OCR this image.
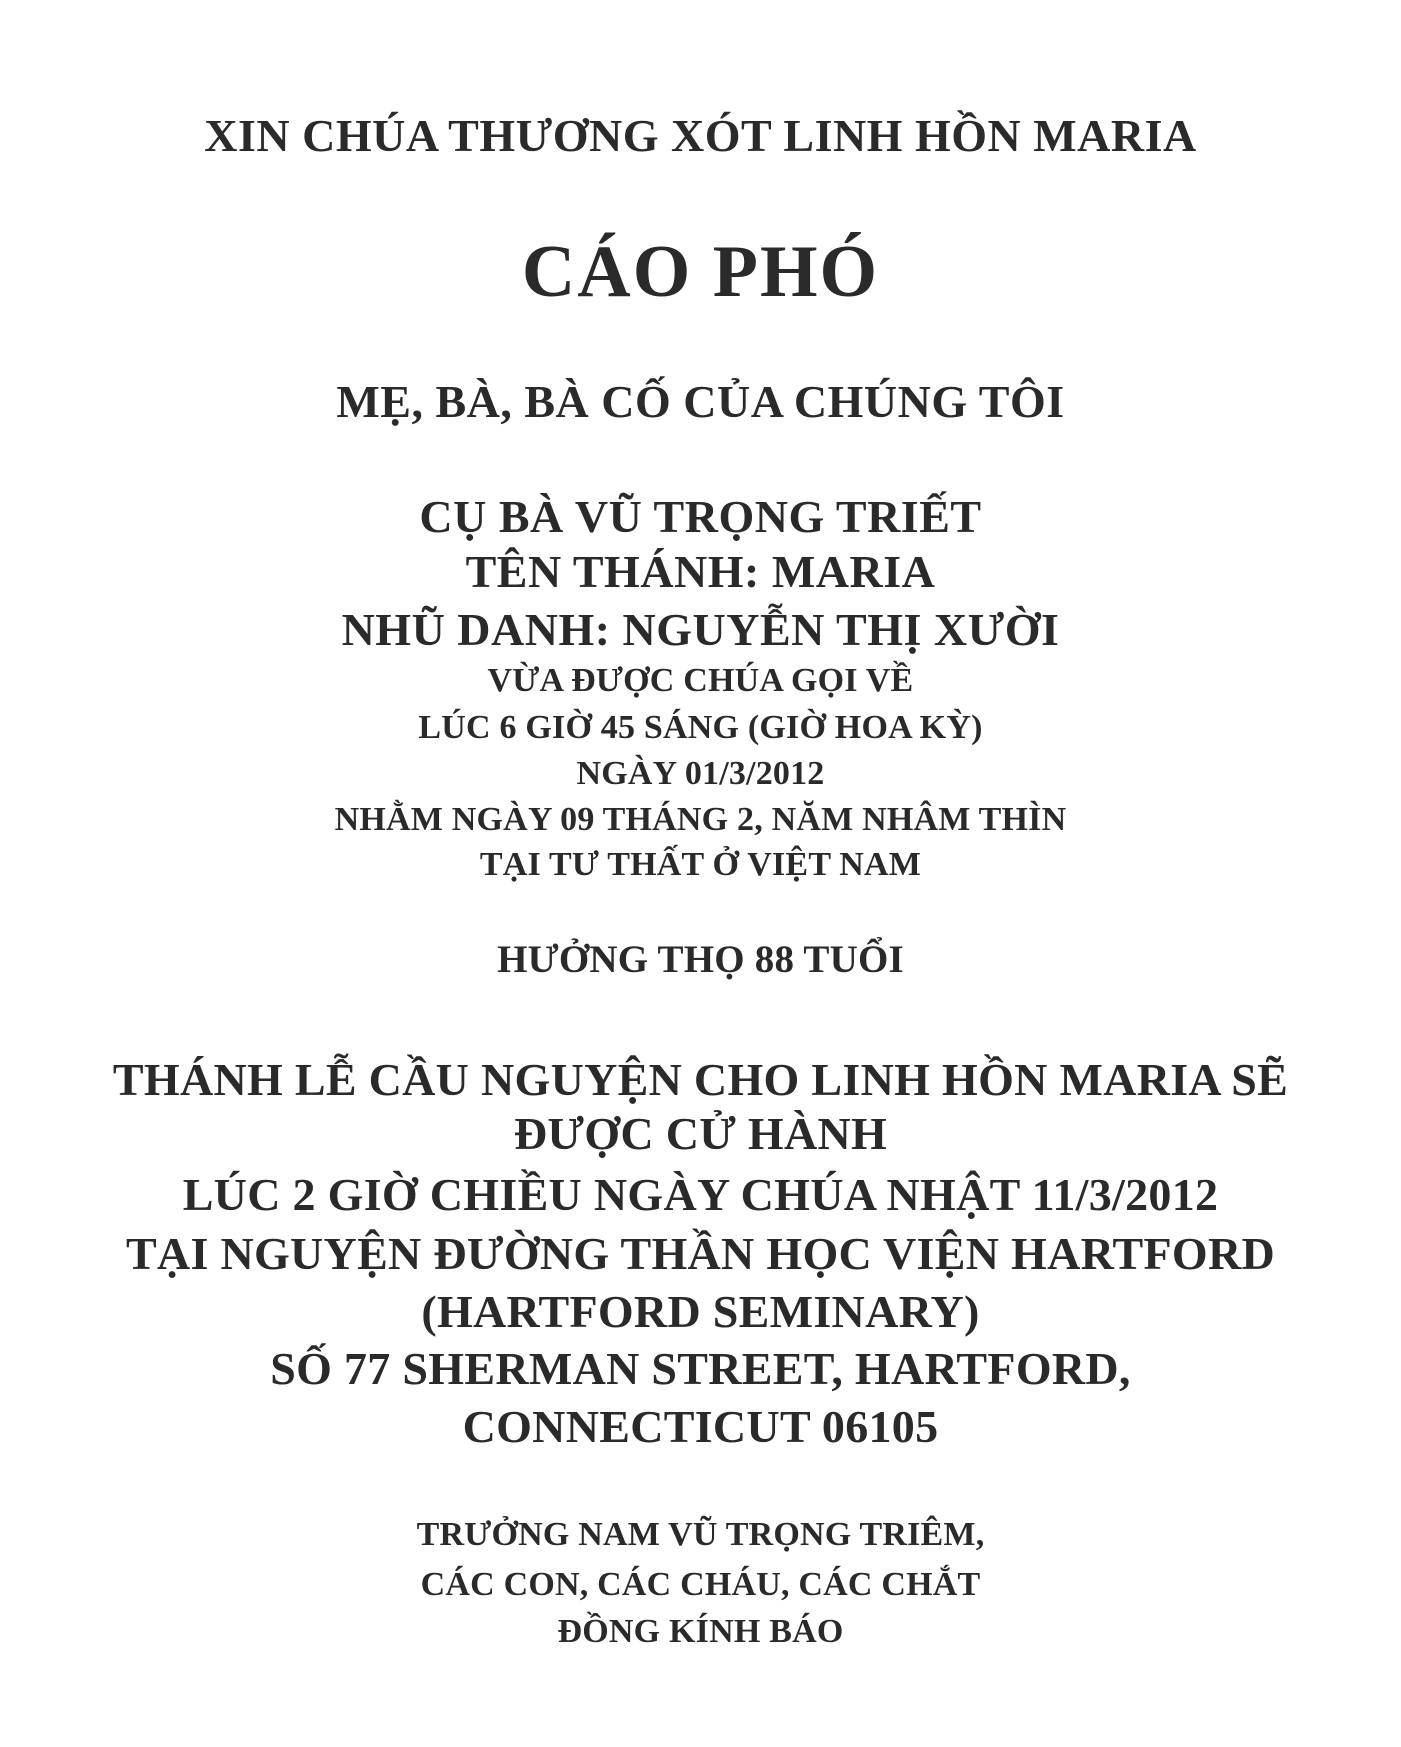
XIN CHÚA THƯƠNG XÓT LINH HỒN MARIA
CÁO PHÓ
MẸ, BÀ, BÀ CỐ CỦA CHÚNG TÔI
CỤ BÀ VŨ TRỌNG TRIẾT
TÊN THÁNH: MARIA
NHŨ DANH: NGUYỄN THỊ XƯỜI
VỪA ĐƯỢC CHÚA GỌI VỀ
LÚC 6 GIỜ 45 SÁNG (GIỜ HOA KỲ)
NGÀY 01/3/2012
NHẰM NGÀY 09 THÁNG 2, NĂM NHÂM THÌN
TẠI TƯ THẤT Ở VIỆT NAM
HƯỞNG THỌ 88 TUỔI
THÁNH LỄ CẦU NGUYỆN CHO LINH HỒN MARIA SẼ
ĐƯỢC CỬ HÀNH
LÚC 2 GIỜ CHIỀU NGÀY CHÚA NHẬT 11/3/2012
TẠI NGUYỆN ĐƯỜNG THẦN HỌC VIỆN HARTFORD
(HARTFORD SEMINARY)
SỐ 77 SHERMAN STREET, HARTFORD,
CONNECTICUT 06105
TRƯỞNG NAM VŨ TRỌNG TRIÊM,
CÁC CON, CÁC CHÁU, CÁC CHẮT
ĐỒNG KÍNH BÁO
